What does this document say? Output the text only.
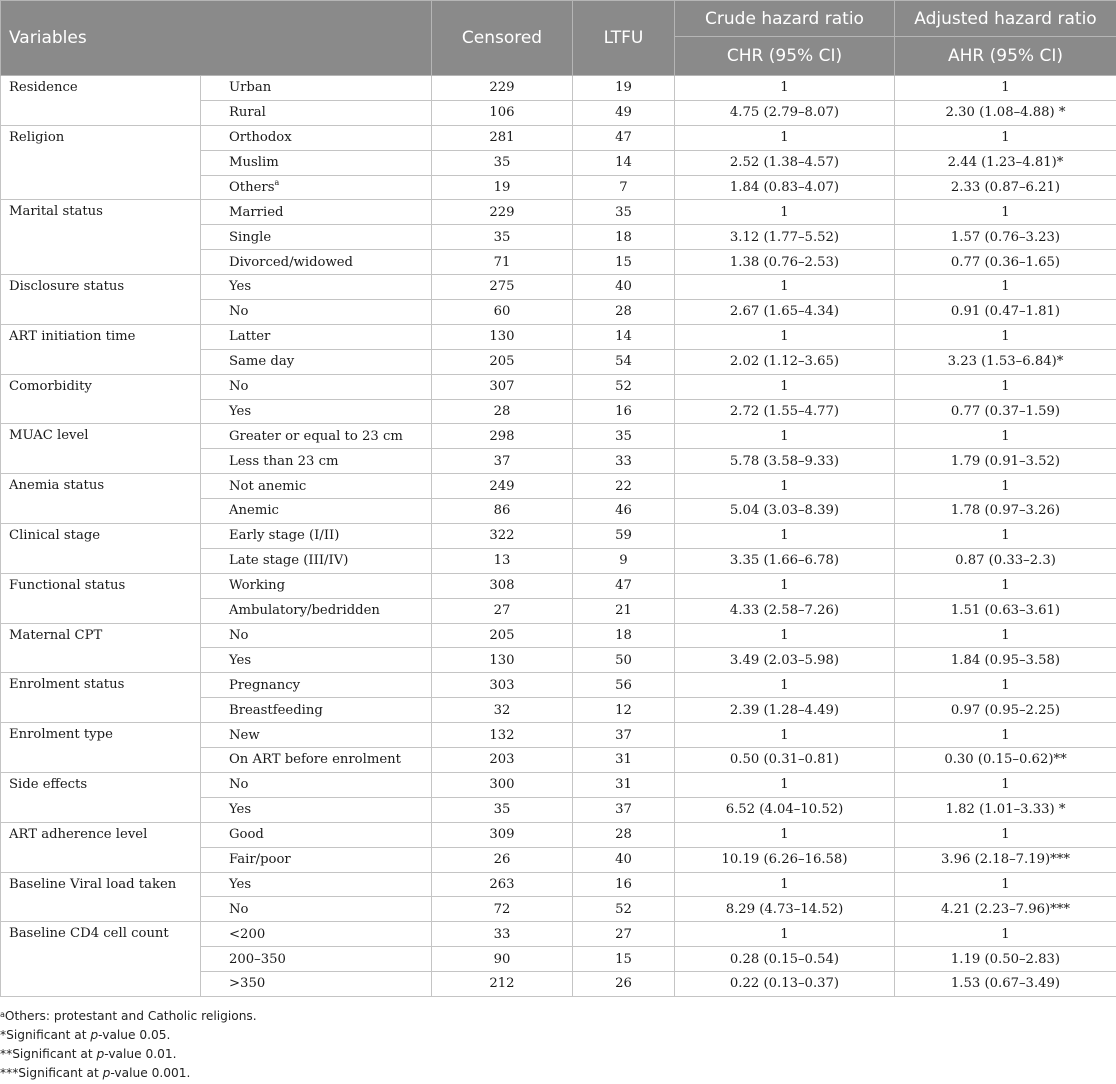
Variables		Censored	LTFU	Crude hazard ratio	Adjusted hazard ratio
				CHR (95% CI)	AHR (95% CI)
Residence	Urban	229	19	1	1
	Rural	106	49	4.75 (2.79–8.07)	2.30 (1.08–4.88) *
Religion	Orthodox	281	47	1	1
	Muslim	35	14	2.52 (1.38–4.57)	2.44 (1.23–4.81)*
	Others$^a$	19	7	1.84 (0.83–4.07)	2.33 (0.87–6.21)
Marital status	Married	229	35	1	1
	Single	35	18	3.12 (1.77–5.52)	1.57 (0.76–3.23)
	Divorced/widowed	71	15	1.38 (0.76–2.53)	0.77 (0.36–1.65)
Disclosure status	Yes	275	40	1	1
	No	60	28	2.67 (1.65–4.34)	0.91 (0.47–1.81)
ART initiation time	Latter	130	14	1	1
	Same day	205	54	2.02 (1.12–3.65)	3.23 (1.53–6.84)*
Comorbidity	No	307	52	1	1
	Yes	28	16	2.72 (1.55–4.77)	0.77 (0.37–1.59)
MUAC level	Greater or equal to 23 cm	298	35	1	1
	Less than 23 cm	37	33	5.78 (3.58–9.33)	1.79 (0.91–3.52)
Anemia status	Not anemic	249	22	1	1
	Anemic	86	46	5.04 (3.03–8.39)	1.78 (0.97–3.26)
Clinical stage	Early stage (I/II)	322	59	1	1
	Late stage (III/IV)	13	9	3.35 (1.66–6.78)	0.87 (0.33–2.3)
Functional status	Working	308	47	1	1
	Ambulatory/bedridden	27	21	4.33 (2.58–7.26)	1.51 (0.63–3.61)
Maternal CPT	No	205	18	1	1
	Yes	130	50	3.49 (2.03–5.98)	1.84 (0.95–3.58)
Enrolment status	Pregnancy	303	56	1	1
	Breastfeeding	32	12	2.39 (1.28–4.49)	0.97 (0.95–2.25)
Enrolment type	New	132	37	1	1
	On ART before enrolment	203	31	0.50 (0.31–0.81)	0.30 (0.15–0.62)**
Side effects	No	300	31	1	1
	Yes	35	37	6.52 (4.04–10.52)	1.82 (1.01–3.33) *
ART adherence level	Good	309	28	1	1
	Fair/poor	26	40	10.19 (6.26–16.58)	3.96 (2.18–7.19)***
Baseline Viral load taken	Yes	263	16	1	1
	No	72	52	8.29 (4.73–14.52)	4.21 (2.23–7.96)***
Baseline CD4 cell count	<200	33	27	1	1
	200–350	90	15	0.28 (0.15–0.54)	1.19 (0.50–2.83)
	>350	212	26	0.22 (0.13–0.37)	1.53 (0.67–3.49)

$^a$Others: protestant and Catholic religions.

*Significant at p-value 0.05.

**Significant at p-value 0.01.

***Significant at p-value 0.001.
